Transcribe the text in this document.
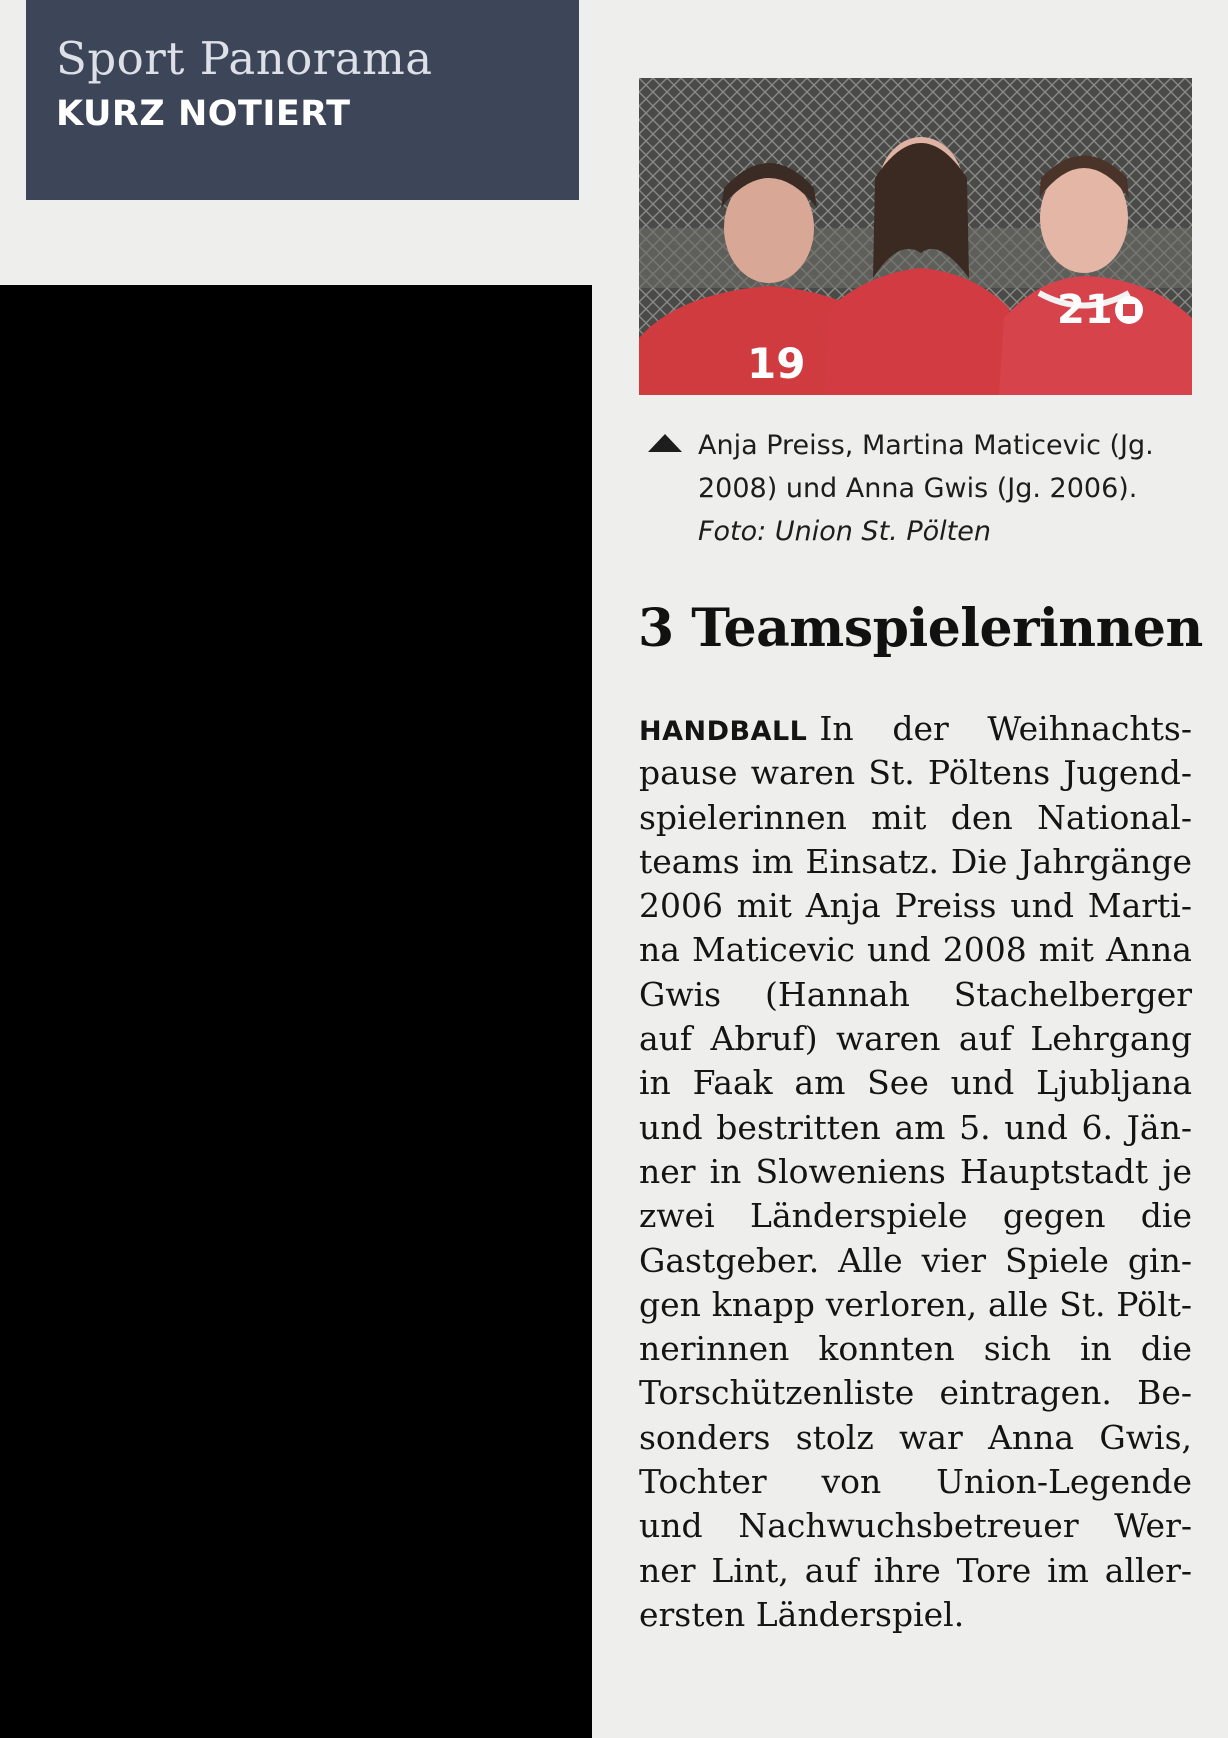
Sport Panorama
KURZ NOTIERT
19
21
Anja Preiss, Martina Maticevic (Jg.
2008) und Anna Gwis (Jg. 2006).
Foto: Union St. Pölten
3 Teamspielerinnen
HANDBALL In der Weihnachts-
pause waren St. Pöltens Jugend-
spielerinnen mit den National-
teams im Einsatz. Die Jahrgänge
2006 mit Anja Preiss und Marti-
na Maticevic und 2008 mit Anna
Gwis (Hannah Stachelberger
auf Abruf) waren auf Lehrgang
in Faak am See und Ljubljana
und bestritten am 5. und 6. Jän-
ner in Sloweniens Hauptstadt je
zwei Länderspiele gegen die
Gastgeber. Alle vier Spiele gin-
gen knapp verloren, alle St. Pölt-
nerinnen konnten sich in die
Torschützenliste eintragen. Be-
sonders stolz war Anna Gwis,
Tochter von Union-Legende
und Nachwuchsbetreuer Wer-
ner Lint, auf ihre Tore im aller-
ersten Länderspiel.
